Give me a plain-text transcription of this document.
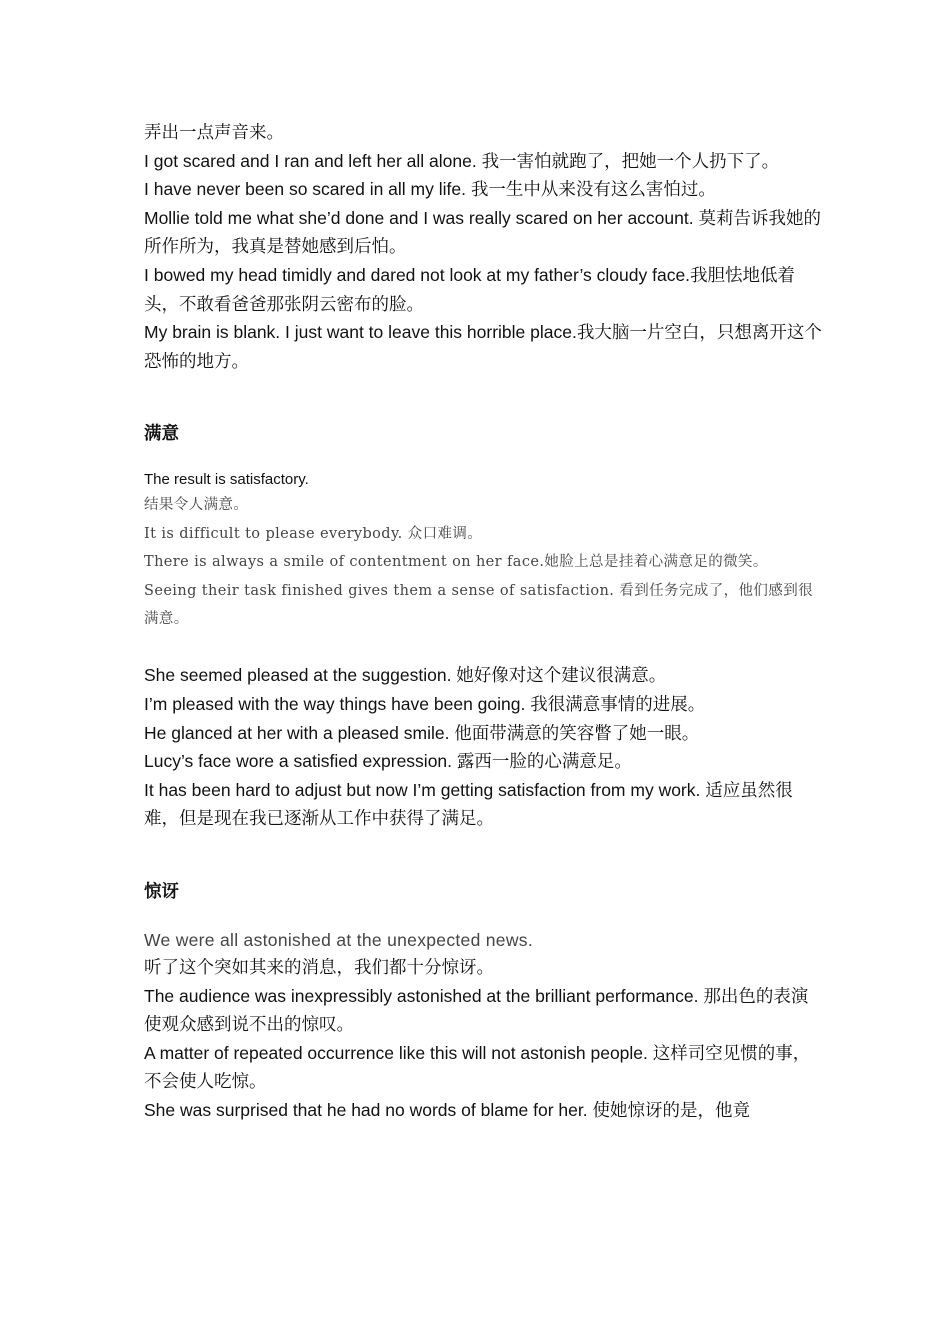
弄出一点声音来。

I got scared and I ran and left her all alone. 我一害怕就跑了，把她一个人扔下了。

I have never been so scared in all my life. 我一生中从来没有这么害怕过。

Mollie told me what she’d done and I was really scared on her account. 莫莉告诉我她的所作所为，我真是替她感到后怕。

I bowed my head timidly and dared not look at my father’s cloudy face.我胆怯地低着头，不敢看爸爸那张阴云密布的脸。

My brain is blank. I just want to leave this horrible place.我大脑一片空白，只想离开这个恐怖的地方。

满意

The result is satisfactory.

结果令人满意。

It is difficult to please everybody. 众口难调。

There is always a smile of contentment on her face.她脸上总是挂着心满意足的微笑。

Seeing their task finished gives them a sense of satisfaction. 看到任务完成了，他们感到很满意。

She seemed pleased at the suggestion. 她好像对这个建议很满意。

I’m pleased with the way things have been going. 我很满意事情的进展。

He glanced at her with a pleased smile. 他面带满意的笑容瞥了她一眼。

Lucy’s face wore a satisfied expression. 露西一脸的心满意足。

It has been hard to adjust but now I’m getting satisfaction from my work. 适应虽然很难，但是现在我已逐渐从工作中获得了满足。

惊讶

We were all astonished at the unexpected news.

听了这个突如其来的消息，我们都十分惊讶。

The audience was inexpressibly astonished at the brilliant performance. 那出色的表演使观众感到说不出的惊叹。

A matter of repeated occurrence like this will not astonish people. 这样司空见惯的事，不会使人吃惊。

She was surprised that he had no words of blame for her. 使她惊讶的是，他竟
